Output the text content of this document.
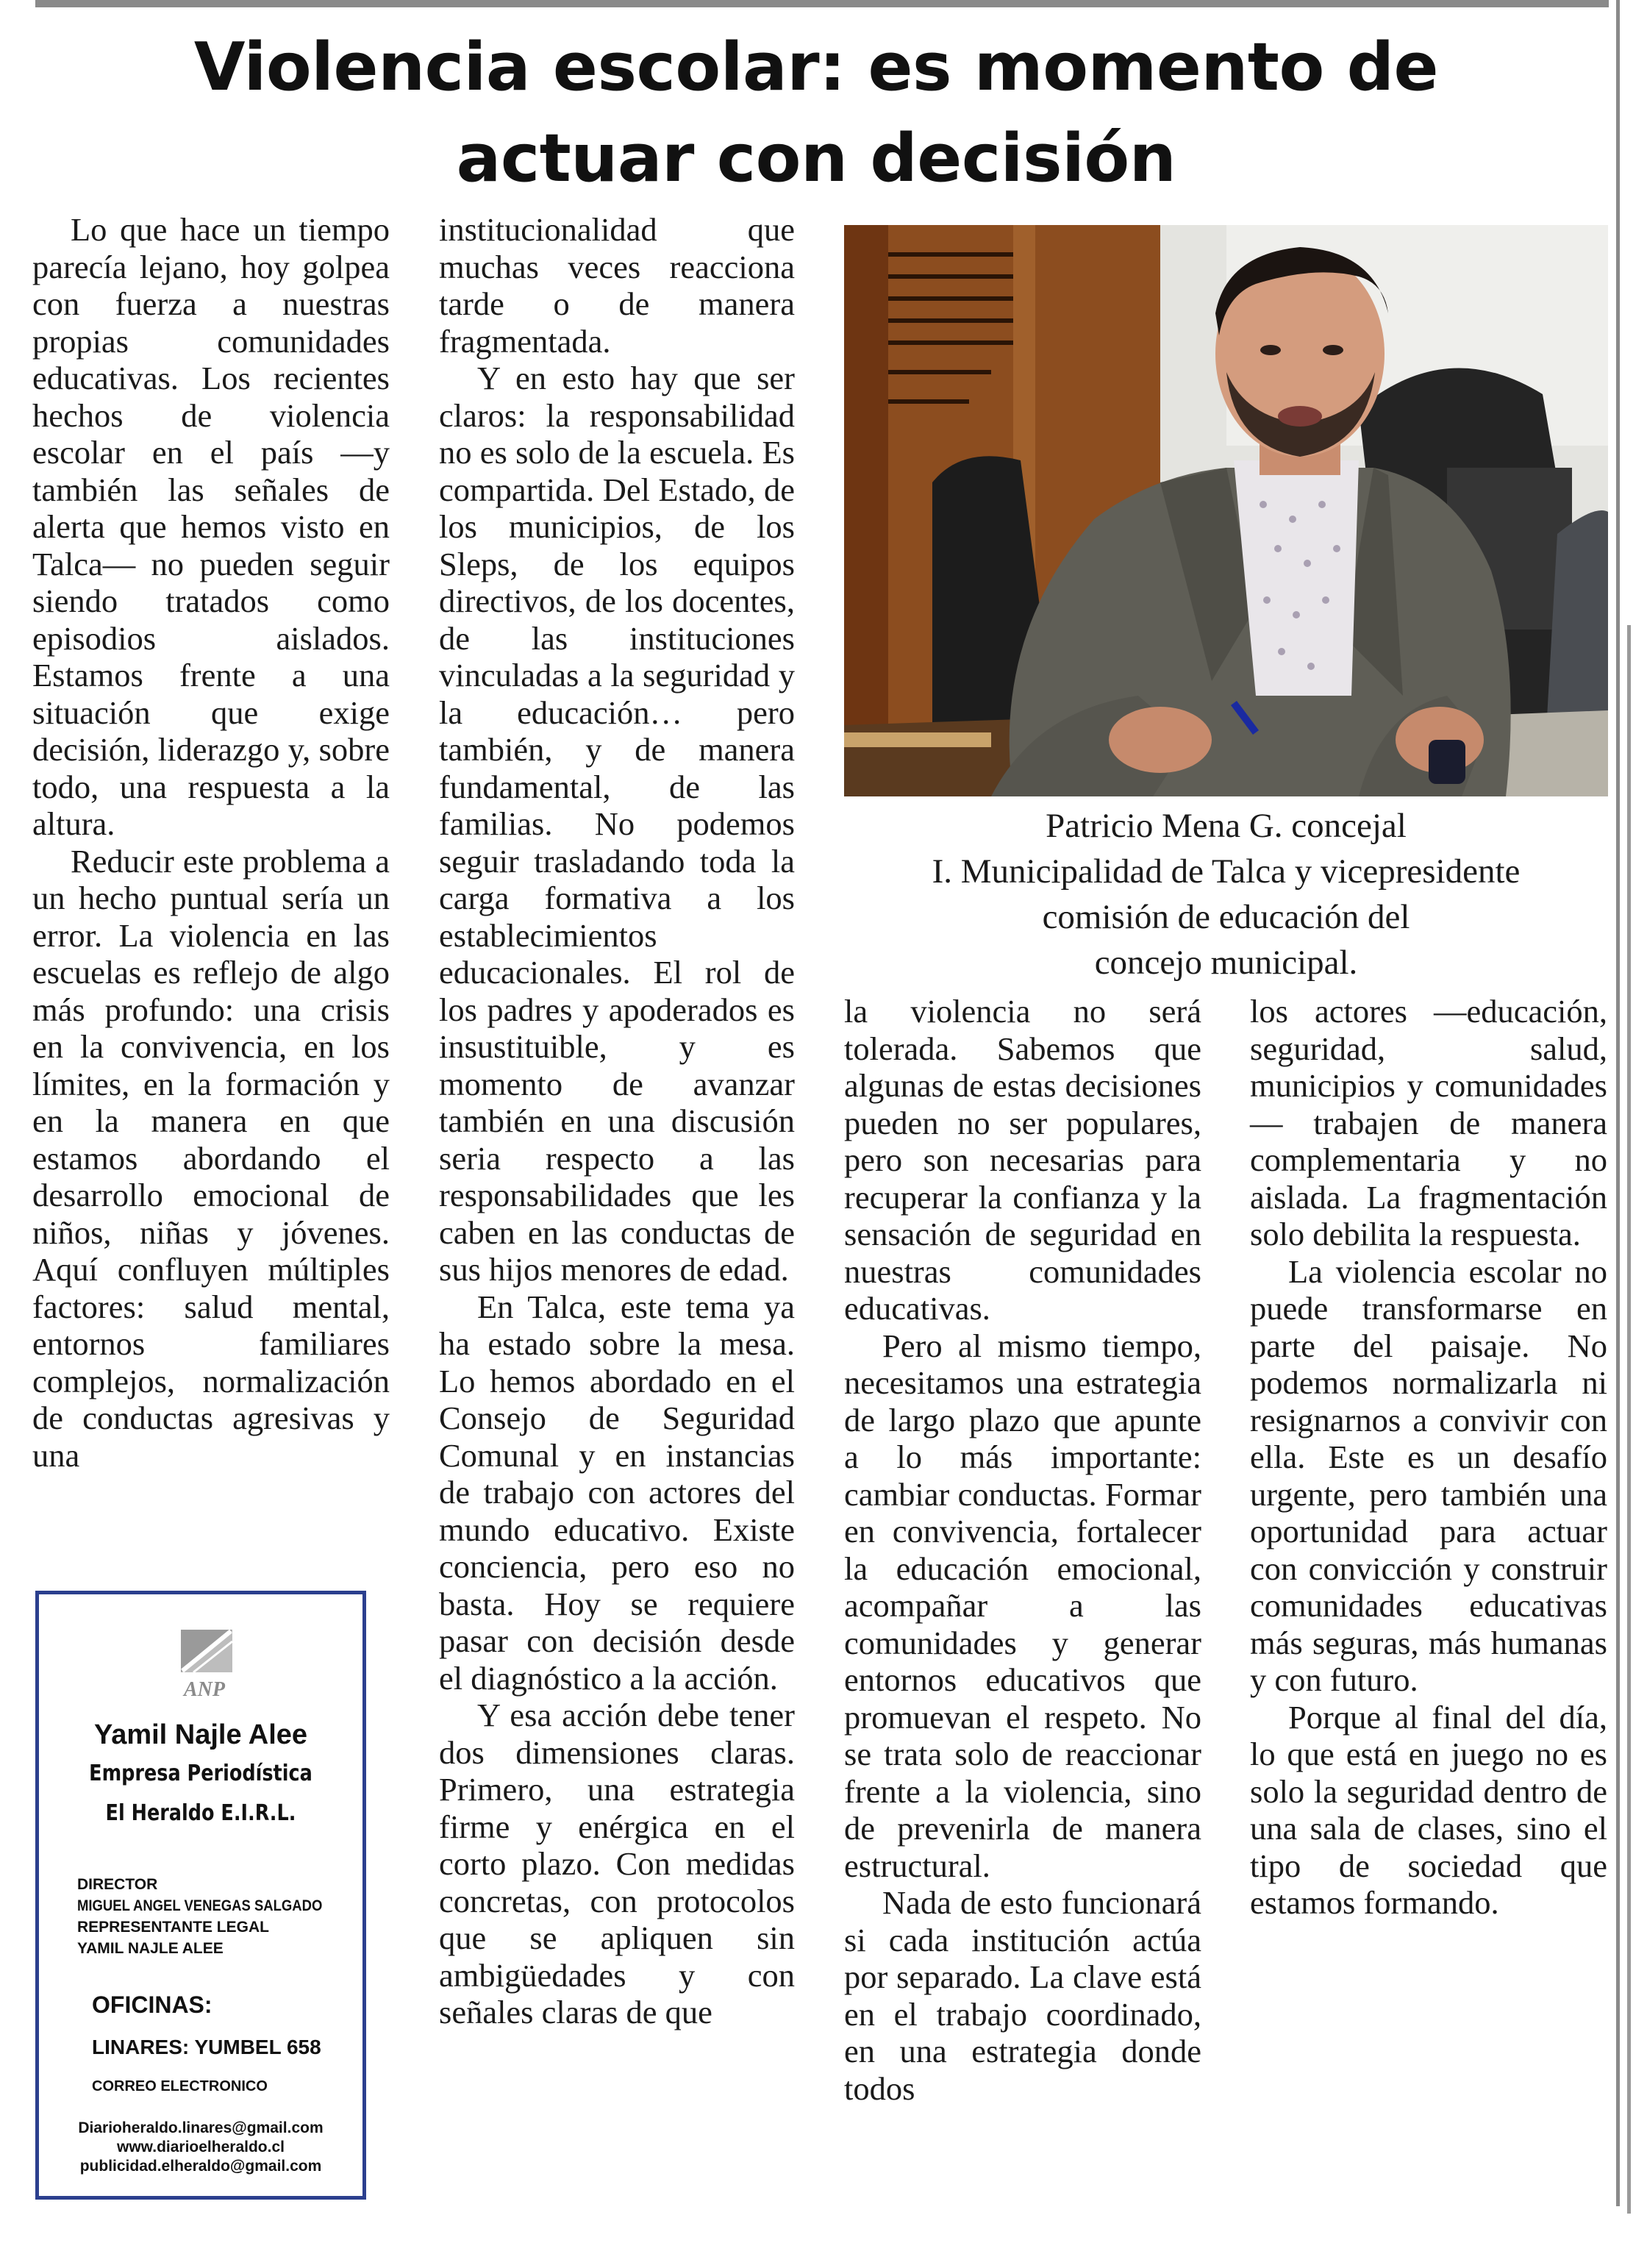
Violencia escolar: es momento de
actuar con decisión

Lo que hace un tiempo parecía lejano, hoy golpea con fuerza a nuestras propias comunidades educativas. Los recientes hechos de violencia escolar en el país —y también las señales de alerta que hemos visto en Talca— no pueden seguir siendo tratados como episodios aislados. Estamos frente a una situación que exige decisión, liderazgo y, sobre todo, una respuesta a la altura.

Reducir este problema a un hecho puntual sería un error. La violencia en las escuelas es reflejo de algo más profundo: una crisis en la convivencia, en los límites, en la formación y en la manera en que estamos abordando el desarrollo emocional de niños, niñas y jóvenes. Aquí confluyen múltiples factores: salud mental, entornos familiares complejos, normalización de conductas agresivas y una

institucionalidad que muchas veces reacciona tarde o de manera fragmentada.

Y en esto hay que ser claros: la responsabilidad no es solo de la escuela. Es compartida. Del Estado, de los municipios, de los Sleps, de los equipos directivos, de los docentes, de las instituciones vinculadas a la seguridad y la educación… pero también, y de manera fundamental, de las familias. No podemos seguir trasladando toda la carga formativa a los establecimientos educacionales. El rol de los padres y apoderados es insustituible, y es momento de avanzar también en una discusión seria respecto a las responsabilidades que les caben en las conductas de sus hijos menores de edad.

En Talca, este tema ya ha estado sobre la mesa. Lo hemos abordado en el Consejo de Seguridad Comunal y en instancias de trabajo con actores del mundo educativo. Existe conciencia, pero eso no basta. Hoy se requiere pasar con decisión desde el diagnóstico a la acción.

Y esa acción debe tener dos dimensiones claras. Primero, una estrategia firme y enérgica en el corto plazo. Con medidas concretas, con protocolos que se apliquen sin ambigüedades y con señales claras de que

Patricio Mena G. concejal
I. Municipalidad de Talca y vicepresidente
comisión de educación del
concejo municipal.

la violencia no será tolerada. Sabemos que algunas de estas decisiones pueden no ser populares, pero son necesarias para recuperar la confianza y la sensación de seguridad en nuestras comunidades educativas.

Pero al mismo tiempo, necesitamos una estrategia de largo plazo que apunte a lo más importante: cambiar conductas. Formar en convivencia, fortalecer la educación emocional, acompañar a las comunidades y generar entornos educativos que promuevan el respeto. No se trata solo de reaccionar frente a la violencia, sino de prevenirla de manera estructural.

Nada de esto funcionará si cada institución actúa por separado. La clave está en el trabajo coordinado, en una estrategia donde todos

los actores —educación, seguridad, salud, municipios y comunidades— trabajen de manera complementaria y no aislada. La fragmentación solo debilita la respuesta.

La violencia escolar no puede transformarse en parte del paisaje. No podemos normalizarla ni resignarnos a convivir con ella. Este es un desafío urgente, pero también una oportunidad para actuar con convicción y construir comunidades educativas más seguras, más humanas y con futuro.

Porque al final del día, lo que está en juego no es solo la seguridad dentro de una sala de clases, sino el tipo de sociedad que estamos formando.

ANP
Yamil Najle Alee
Empresa Periodística
El Heraldo E.I.R.L.
DIRECTOR
MIGUEL ANGEL VENEGAS SALGADO
REPRESENTANTE LEGAL
YAMIL NAJLE ALEE
OFICINAS:
LINARES: YUMBEL 658
CORREO ELECTRONICO
Diarioheraldo.linares@gmail.com
www.diarioelheraldo.cl
publicidad.elheraldo@gmail.com
